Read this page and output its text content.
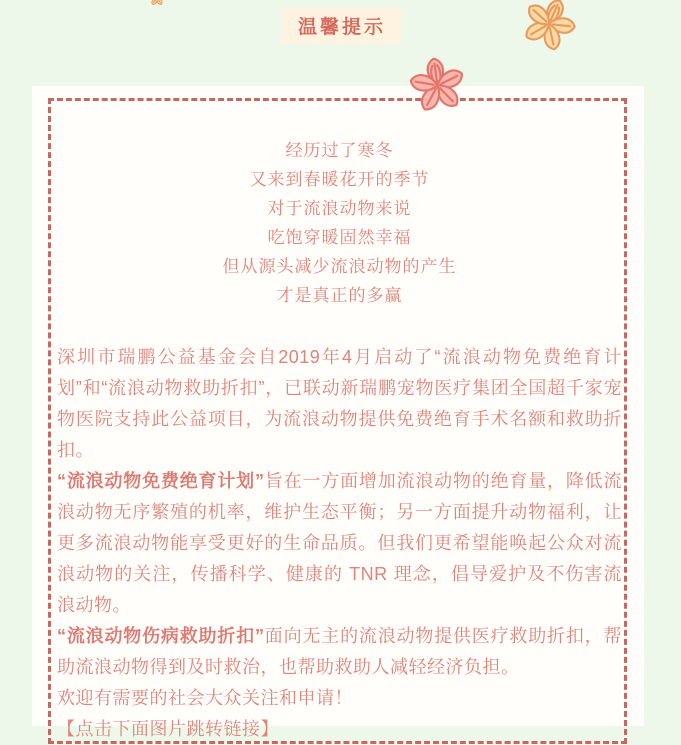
温馨提示
经历过了寒冬
又来到春暖花开的季节
对于流浪动物来说
吃饱穿暖固然幸福
但从源头减少流浪动物的产生
才是真正的多赢

深圳市瑞鹏公益基金会自2019年4月启动了“流浪动物免费绝育计划”和“流浪动物救助折扣”，已联动新瑞鹏宠物医疗集团全国超千家宠物医院支持此公益项目，为流浪动物提供免费绝育手术名额和救助折扣。

“流浪动物免费绝育计划”旨在一方面增加流浪动物的绝育量，降低流浪动物无序繁殖的机率，维护生态平衡；另一方面提升动物福利，让更多流浪动物能享受更好的生命品质。但我们更希望能唤起公众对流浪动物的关注，传播科学、健康的 TNR 理念，倡导爱护及不伤害流浪动物。

“流浪动物伤病救助折扣”面向无主的流浪动物提供医疗救助折扣，帮助流浪动物得到及时救治，也帮助救助人减轻经济负担。

欢迎有需要的社会大众关注和申请！

【点击下面图片跳转链接】
